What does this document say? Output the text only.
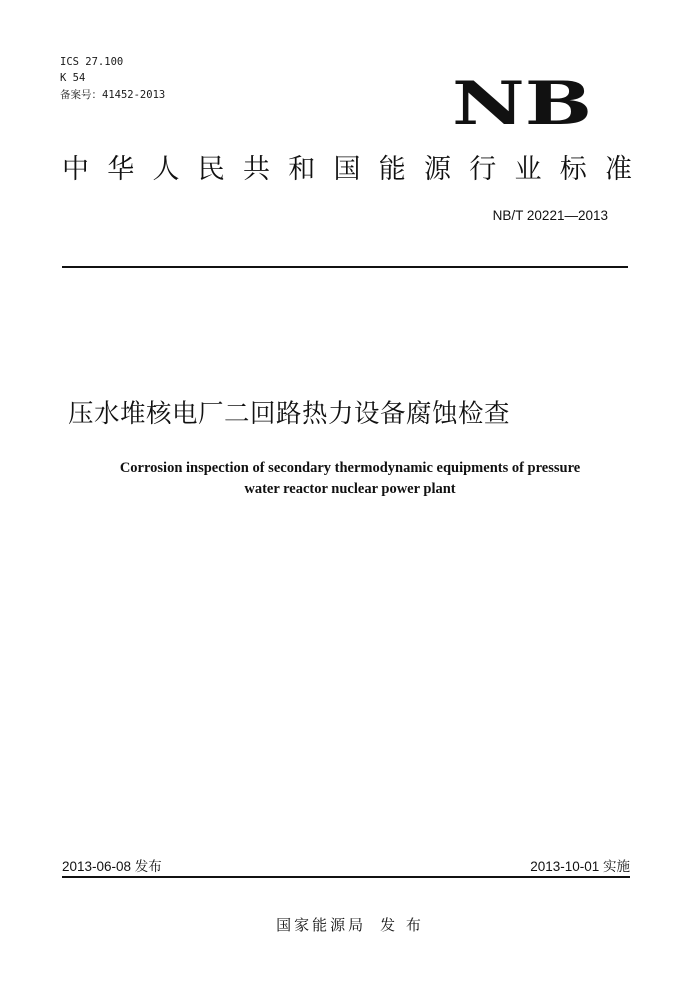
ICS 27.100
K 54
备案号：41452-2013	NB
中 华 人 民 共 和 国 能 源 行 业 标 准
NB/T 20221—2013
压水堆核电厂二回路热力设备腐蚀检查
Corrosion inspection of secondary thermodynamic equipments of pressure
water reactor nuclear power plant
2013-06-08 发布	2013-10-01 实施
国家能源局 发 布
